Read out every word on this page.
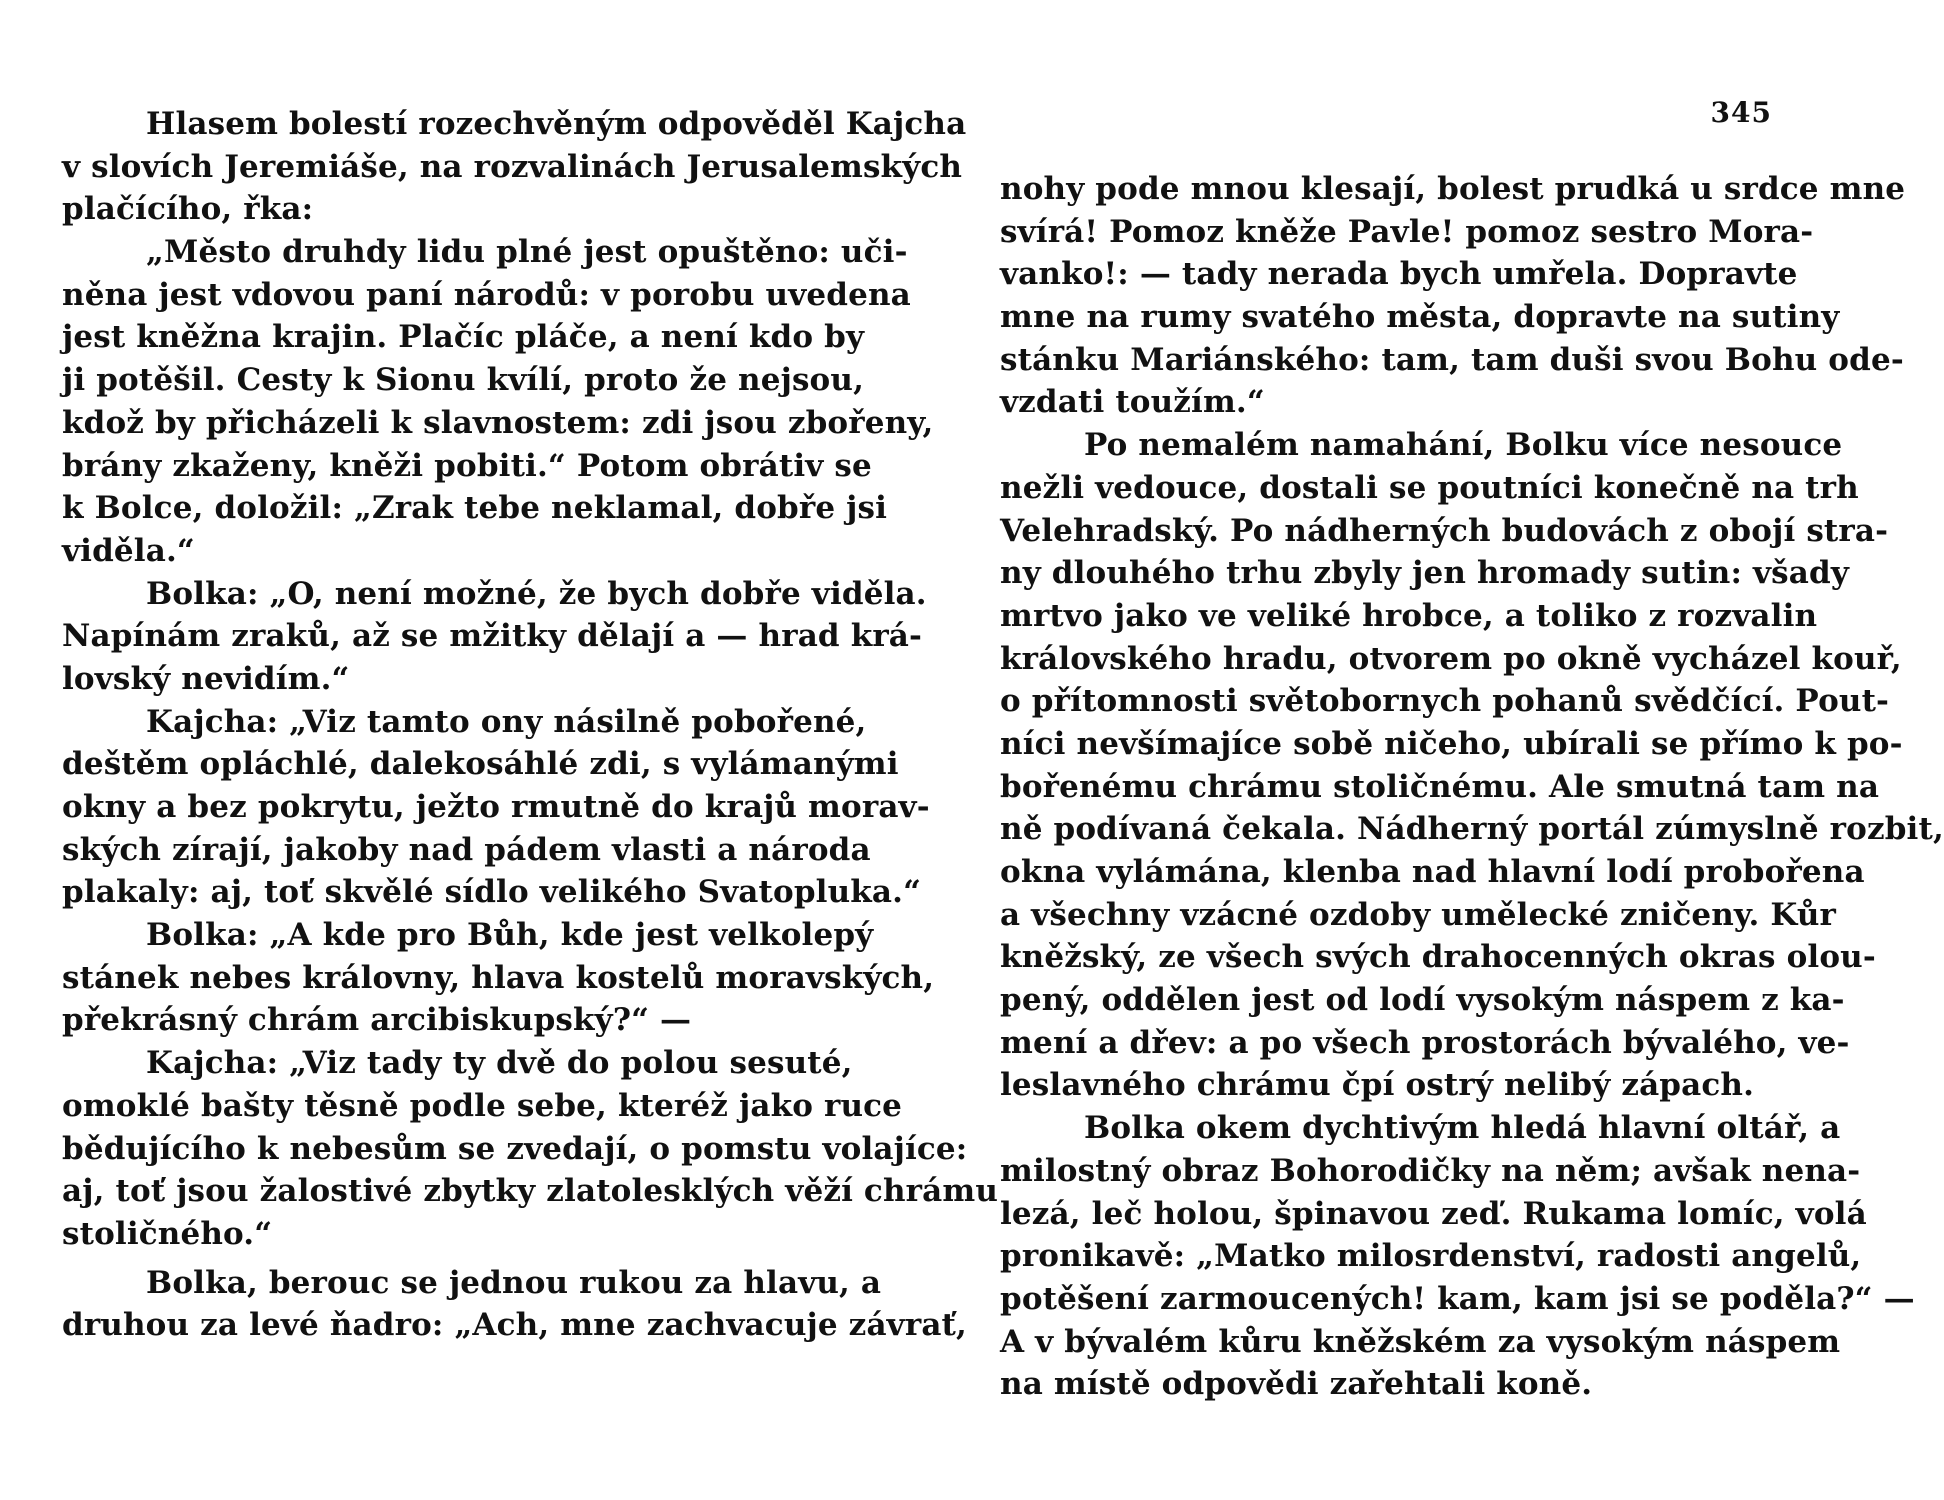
Hlasem bolestí rozechvěným odpověděl Kajcha
v slovích Jeremiáše, na rozvalinách Jerusalemských
plačícího, řka:
„Město druhdy lidu plné jest opuštěno: uči-
něna jest vdovou paní národů: v porobu uvedena
jest kněžna krajin. Plačíc pláče, a není kdo by
ji potěšil. Cesty k Sionu kvílí, proto že nejsou,
kdož by přicházeli k slavnostem: zdi jsou zbořeny,
brány zkaženy, kněži pobiti.“ Potom obrátiv se
k Bolce, doložil: „Zrak tebe neklamal, dobře jsi
viděla.“
Bolka: „O, není možné, že bych dobře viděla.
Napínám zraků, až se mžitky dělají a — hrad krá-
lovský nevidím.“
Kajcha: „Viz tamto ony násilně pobořené,
deštěm opláchlé, dalekosáhlé zdi, s vylámanými
okny a bez pokrytu, ježto rmutně do krajů morav-
ských zírají, jakoby nad pádem vlasti a národa
plakaly: aj, toť skvělé sídlo velikého Svatopluka.“
Bolka: „A kde pro Bůh, kde jest velkolepý
stánek nebes královny, hlava kostelů moravských,
překrásný chrám arcibiskupský?“ —
Kajcha: „Viz tady ty dvě do polou sesuté,
omoklé bašty těsně podle sebe, kteréž jako ruce
bědujícího k nebesům se zvedají, o pomstu volajíce:
aj, toť jsou žalostivé zbytky zlatolesklých věží chrámu
stoličného.“
Bolka, berouc se jednou rukou za hlavu, a
druhou za levé ňadro: „Ach, mne zachvacuje závrať,
345
nohy pode mnou klesají, bolest prudká u srdce mne
svírá! Pomoz kněže Pavle! pomoz sestro Mora-
vanko!: — tady nerada bych umřela. Dopravte
mne na rumy svatého města, dopravte na sutiny
stánku Mariánského: tam, tam duši svou Bohu ode-
vzdati toužím.“
Po nemalém namahání, Bolku více nesouce
nežli vedouce, dostali se poutníci konečně na trh
Velehradský. Po nádherných budovách z obojí stra-
ny dlouhého trhu zbyly jen hromady sutin: všady
mrtvo jako ve veliké hrobce, a toliko z rozvalin
královského hradu, otvorem po okně vycházel kouř,
o přítomnosti světobornych pohanů svědčící. Pout-
níci nevšímajíce sobě ničeho, ubírali se přímo k po-
bořenému chrámu stoličnému. Ale smutná tam na
ně podívaná čekala. Nádherný portál zúmyslně rozbit,
okna vylámána, klenba nad hlavní lodí probořena
a všechny vzácné ozdoby umělecké zničeny. Kůr
kněžský, ze všech svých drahocenných okras olou-
pený, oddělen jest od lodí vysokým náspem z ka-
mení a dřev: a po všech prostorách bývalého, ve-
leslavného chrámu čpí ostrý nelibý zápach.
Bolka okem dychtivým hledá hlavní oltář, a
milostný obraz Bohorodičky na něm; avšak nena-
lezá, leč holou, špinavou zeď. Rukama lomíc, volá
pronikavě: „Matko milosrdenství, radosti angelů,
potěšení zarmoucených! kam, kam jsi se poděla?“ —
A v bývalém kůru kněžském za vysokým náspem
na místě odpovědi zařehtali koně.
